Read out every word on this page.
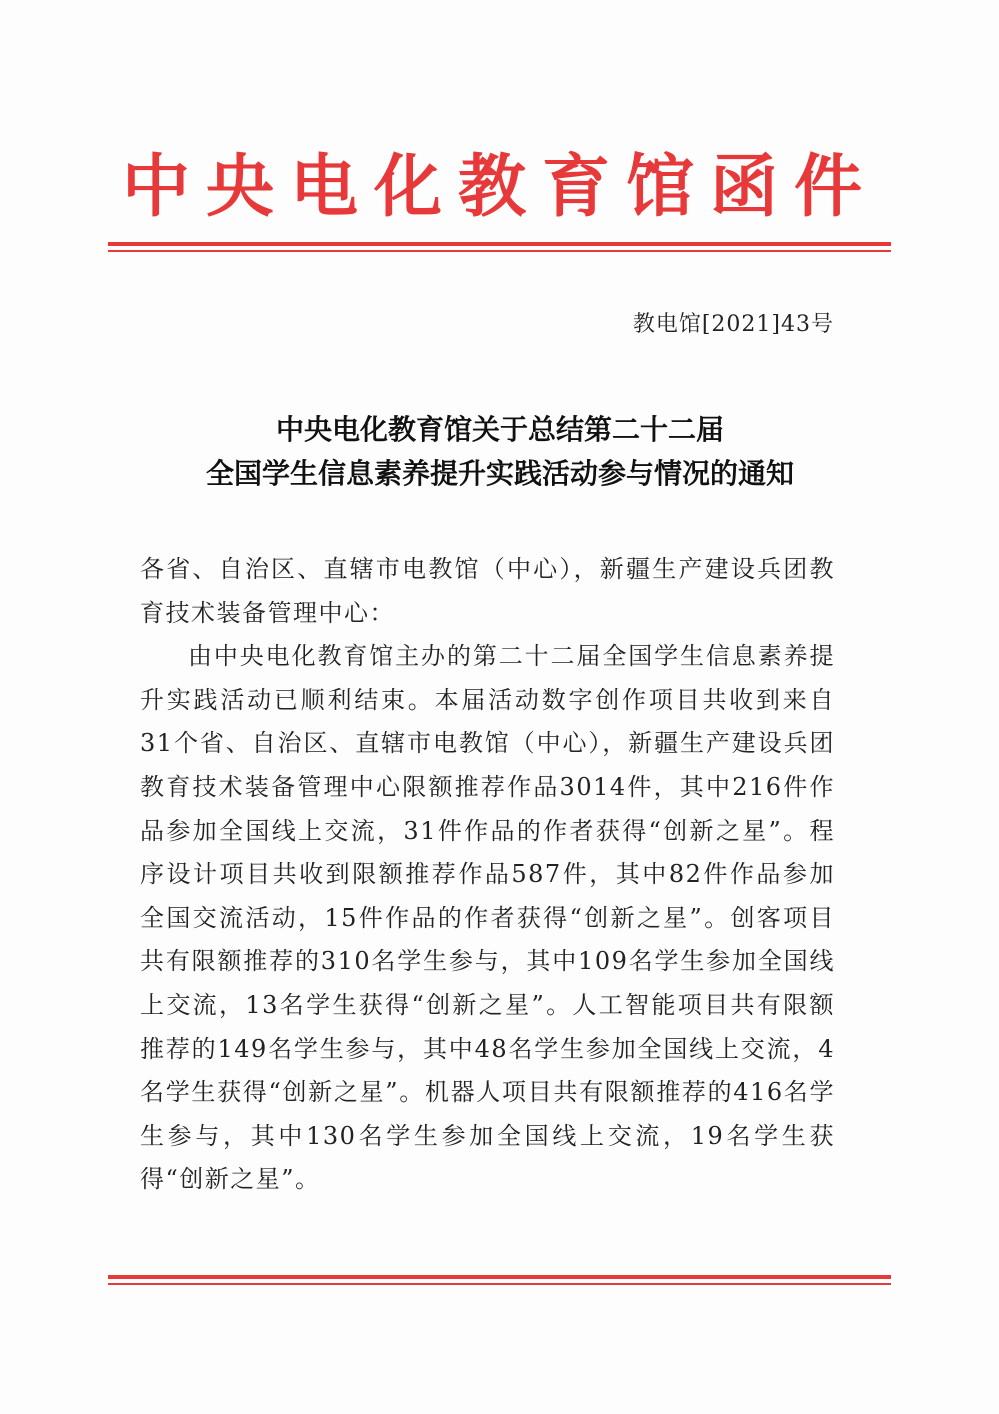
中央电化教育馆函件
教电馆[2021]43号
中央电化教育馆关于总结第二十二届
全国学生信息素养提升实践活动参与情况的通知

各省、自治区、直辖市电教馆（中心），新疆生产建设兵团教育技术装备管理中心：

由中央电化教育馆主办的第二十二届全国学生信息素养提升实践活动已顺利结束。本届活动数字创作项目共收到来自31个省、自治区、直辖市电教馆（中心），新疆生产建设兵团教育技术装备管理中心限额推荐作品3014件，其中216件作品参加全国线上交流，31件作品的作者获得“创新之星”。程序设计项目共收到限额推荐作品587件，其中82件作品参加全国交流活动，15件作品的作者获得“创新之星”。创客项目共有限额推荐的310名学生参与，其中109名学生参加全国线上交流，13名学生获得“创新之星”。人工智能项目共有限额推荐的149名学生参与，其中48名学生参加全国线上交流，4名学生获得“创新之星”。机器人项目共有限额推荐的416名学生参与，其中130名学生参加全国线上交流，19名学生获得“创新之星”。
